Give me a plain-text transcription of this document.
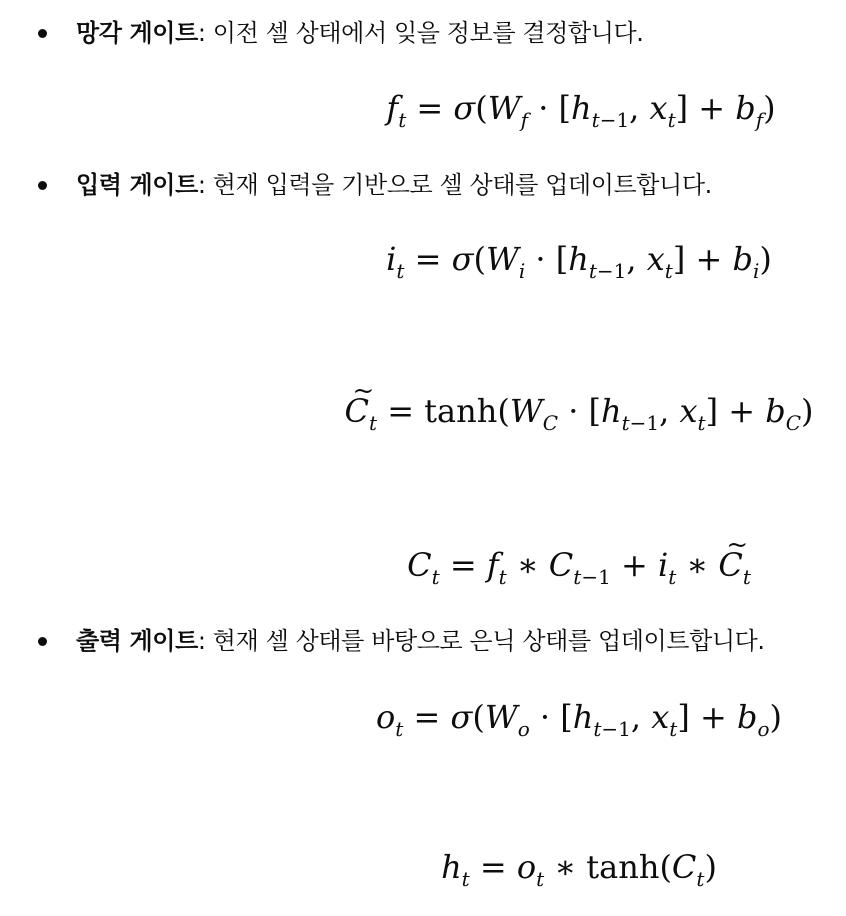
망각 게이트: 이전 셀 상태에서 잊을 정보를 결정합니다.
$f_t = \sigma(W_f \cdot [h_{t-1}$, $x_t] + b_f$)
입력 게이트: 현재 입력을 기반으로 셀 상태를 업데이트합니다.
$i_t = \sigma(W_i \cdot [h_{t-1}$, $x_t] + b_i$)
~ $C_t = \tanh(W_C \cdot [h_{t-1}$, $x_t] + b_C$)
$C_t = f_t$ ∗ $C_{t-1} + i_t$ ∗ ~ $C_t$
출력 게이트: 현재 셀 상태를 바탕으로 은닉 상태를 업데이트합니다.
$o_t = \sigma(W_o \cdot [h_{t-1}$, $x_t] + b_o$)
$h_t = o_t$ ∗ $\tanh(C_t)$
